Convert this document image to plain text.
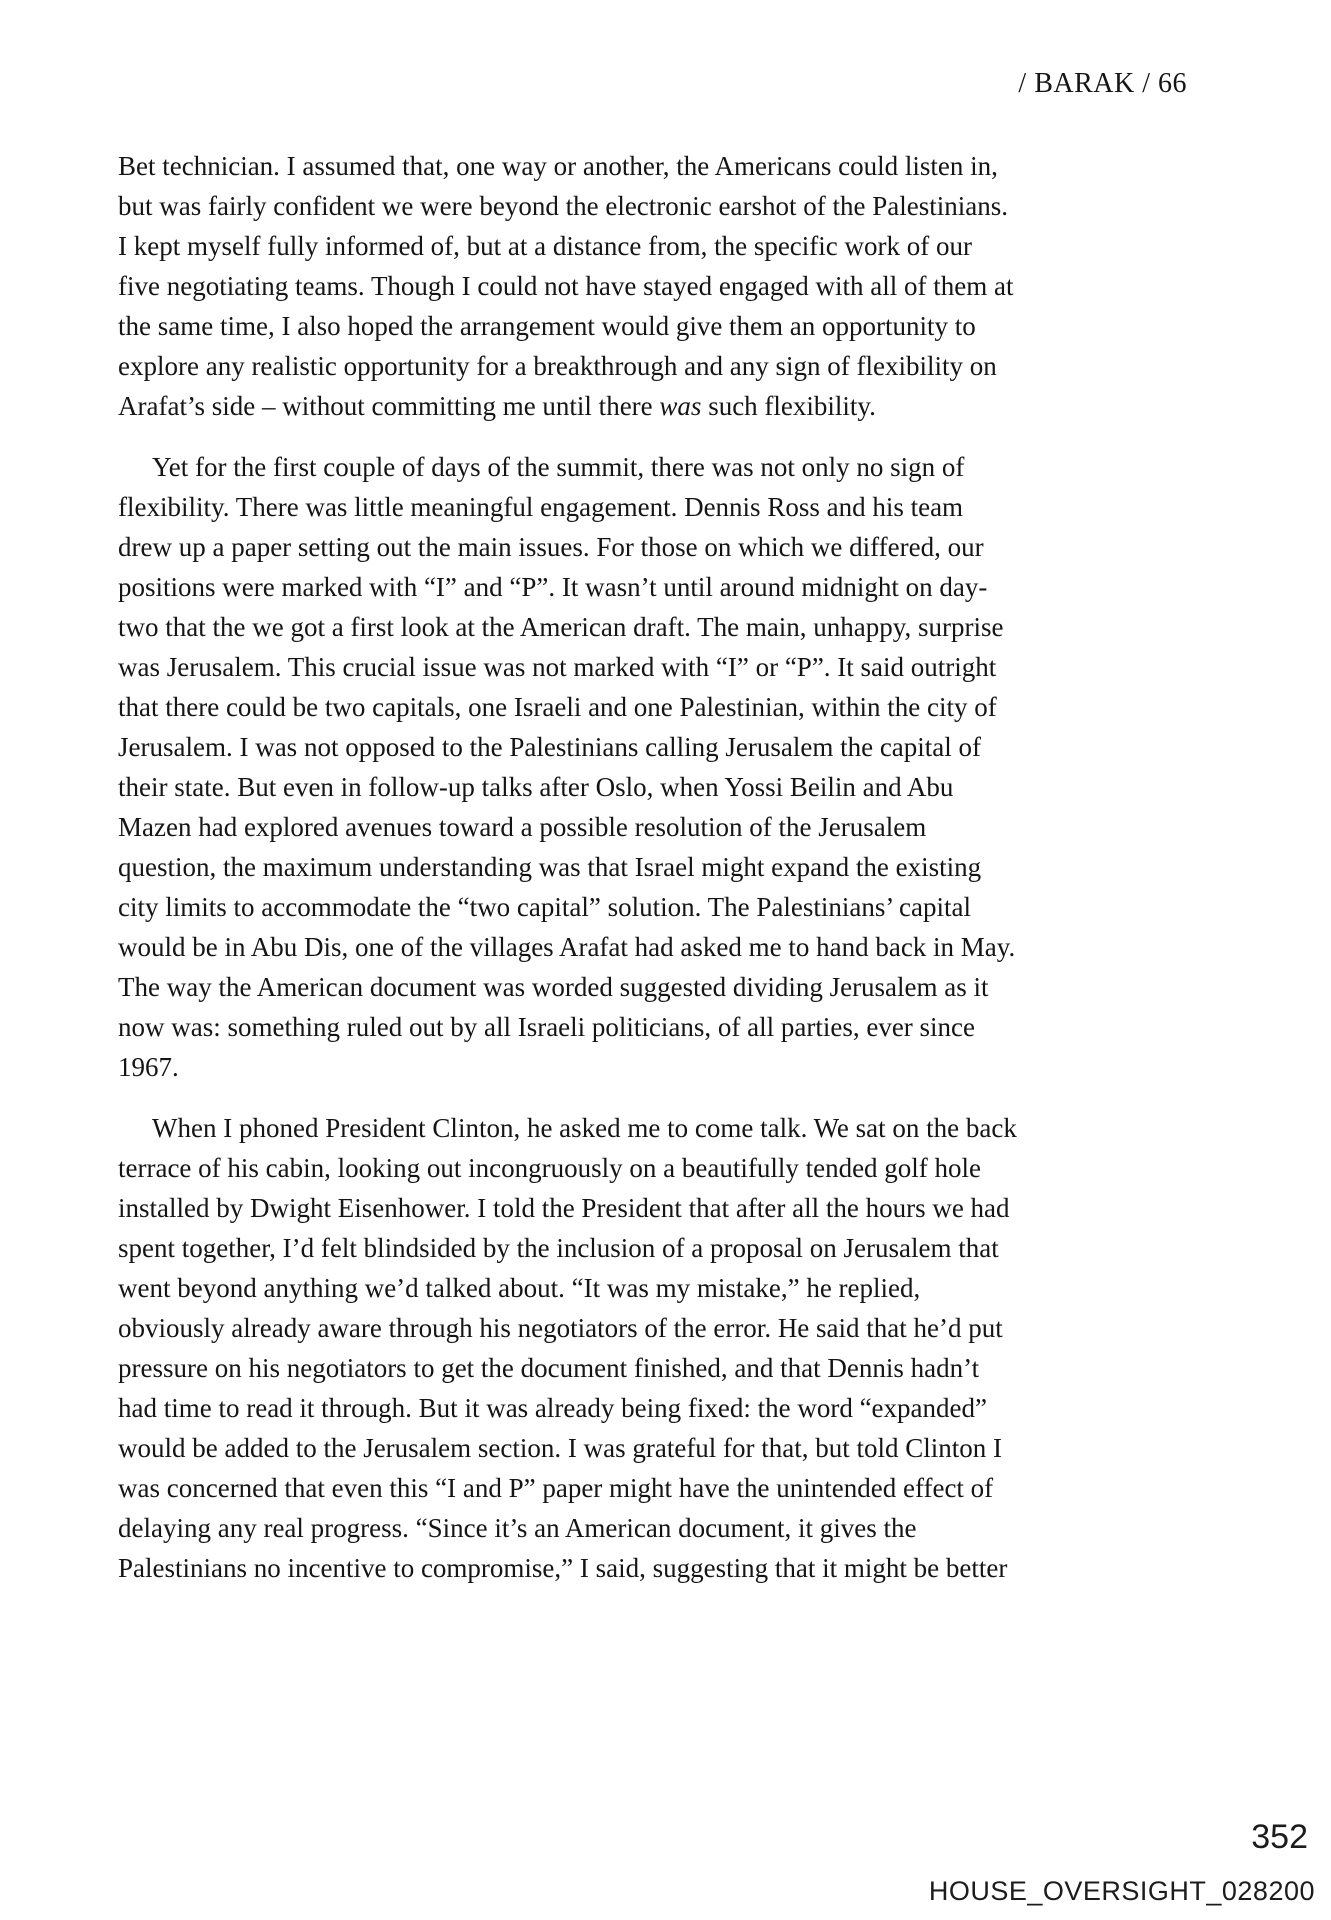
/ BARAK / 66
Bet technician. I assumed that, one way or another, the Americans could listen in,
but was fairly confident we were beyond the electronic earshot of the Palestinians.
I kept myself fully informed of, but at a distance from, the specific work of our
five negotiating teams. Though I could not have stayed engaged with all of them at
the same time, I also hoped the arrangement would give them an opportunity to
explore any realistic opportunity for a breakthrough and any sign of flexibility on
Arafat’s side – without committing me until there was such flexibility.
Yet for the first couple of days of the summit, there was not only no sign of
flexibility. There was little meaningful engagement. Dennis Ross and his team
drew up a paper setting out the main issues. For those on which we differed, our
positions were marked with “I” and “P”. It wasn’t until around midnight on day-
two that the we got a first look at the American draft. The main, unhappy, surprise
was Jerusalem. This crucial issue was not marked with “I” or “P”. It said outright
that there could be two capitals, one Israeli and one Palestinian, within the city of
Jerusalem. I was not opposed to the Palestinians calling Jerusalem the capital of
their state. But even in follow-up talks after Oslo, when Yossi Beilin and Abu
Mazen had explored avenues toward a possible resolution of the Jerusalem
question, the maximum understanding was that Israel might expand the existing
city limits to accommodate the “two capital” solution. The Palestinians’ capital
would be in Abu Dis, one of the villages Arafat had asked me to hand back in May.
The way the American document was worded suggested dividing Jerusalem as it
now was: something ruled out by all Israeli politicians, of all parties, ever since
1967.
When I phoned President Clinton, he asked me to come talk. We sat on the back
terrace of his cabin, looking out incongruously on a beautifully tended golf hole
installed by Dwight Eisenhower. I told the President that after all the hours we had
spent together, I’d felt blindsided by the inclusion of a proposal on Jerusalem that
went beyond anything we’d talked about. “It was my mistake,” he replied,
obviously already aware through his negotiators of the error. He said that he’d put
pressure on his negotiators to get the document finished, and that Dennis hadn’t
had time to read it through. But it was already being fixed: the word “expanded”
would be added to the Jerusalem section. I was grateful for that, but told Clinton I
was concerned that even this “I and P” paper might have the unintended effect of
delaying any real progress. “Since it’s an American document, it gives the
Palestinians no incentive to compromise,” I said, suggesting that it might be better
352
HOUSE_OVERSIGHT_028200
